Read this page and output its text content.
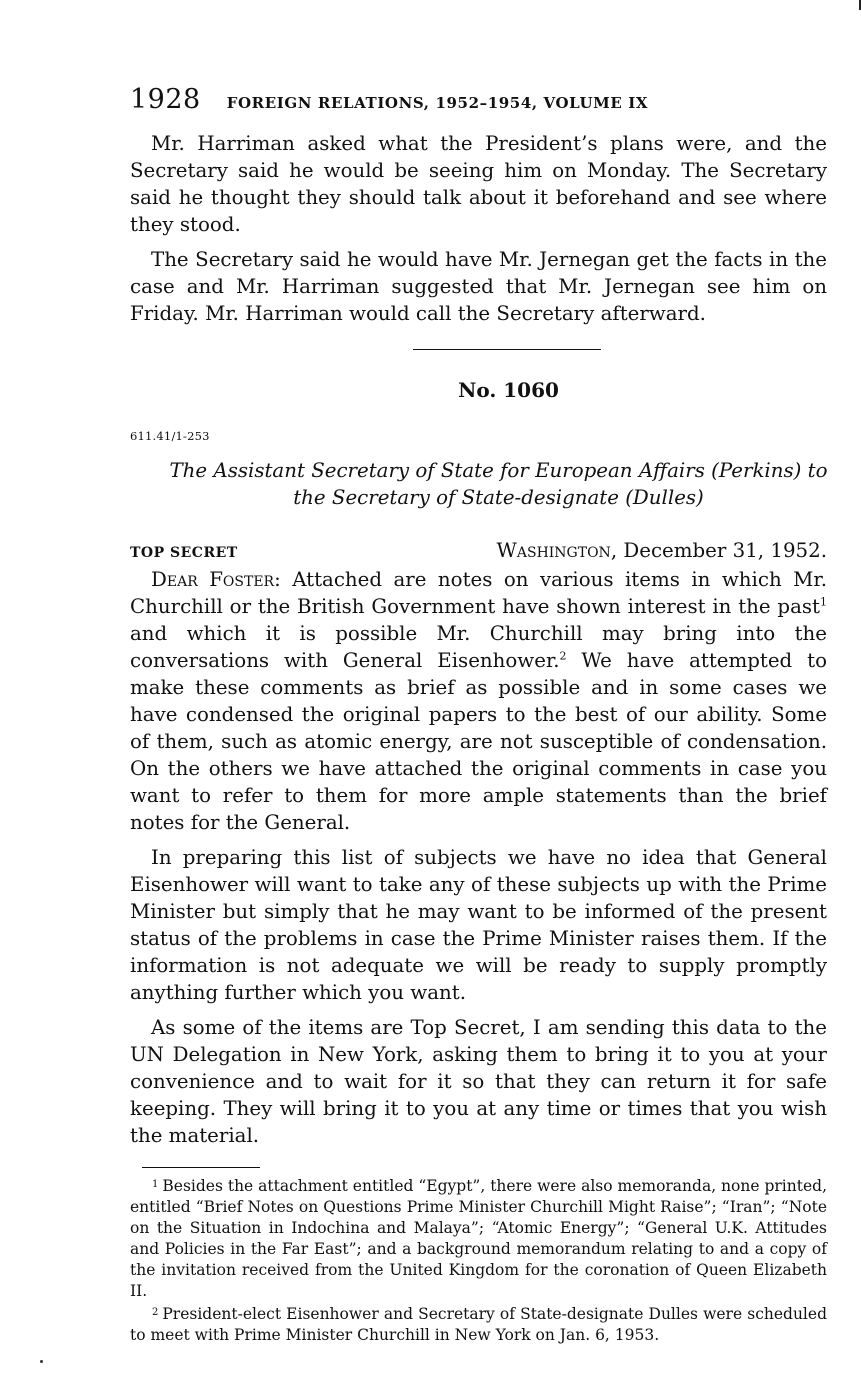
1928 FOREIGN RELATIONS, 1952–1954, VOLUME IX

Mr. Harriman asked what the President’s plans were, and the Secretary said he would be seeing him on Monday. The Secretary said he thought they should talk about it beforehand and see where they stood.

The Secretary said he would have Mr. Jernegan get the facts in the case and Mr. Harriman suggested that Mr. Jernegan see him on Friday. Mr. Harriman would call the Secretary afterward.

No. 1060
611.41/1-253
The Assistant Secretary of State for European Affairs (Perkins) to
the Secretary of State-designate (Dulles)
TOP SECRET	Washington, December 31, 1952.

Dear Foster: Attached are notes on various items in which Mr. Churchill or the British Government have shown interest in the past$^1$ and which it is possible Mr. Churchill may bring into the conversations with General Eisenhower.$^2$ We have attempted to make these comments as brief as possible and in some cases we have condensed the original papers to the best of our ability. Some of them, such as atomic energy, are not susceptible of condensation. On the others we have attached the original comments in case you want to refer to them for more ample statements than the brief notes for the General.

In preparing this list of subjects we have no idea that General Eisenhower will want to take any of these subjects up with the Prime Minister but simply that he may want to be informed of the present status of the problems in case the Prime Minister raises them. If the information is not adequate we will be ready to supply promptly anything further which you want.

As some of the items are Top Secret, I am sending this data to the UN Delegation in New York, asking them to bring it to you at your convenience and to wait for it so that they can return it for safe keeping. They will bring it to you at any time or times that you wish the material.

$^1$ Besides the attachment entitled “Egypt”, there were also memoranda, none printed, entitled “Brief Notes on Questions Prime Minister Churchill Might Raise”; “Iran”; “Note on the Situation in Indochina and Malaya”; “Atomic Energy”; “General U.K. Attitudes and Policies in the Far East”; and a background memorandum relating to and a copy of the invitation received from the United Kingdom for the coronation of Queen Elizabeth II.

$^2$ President-elect Eisenhower and Secretary of State-designate Dulles were scheduled to meet with Prime Minister Churchill in New York on Jan. 6, 1953.
